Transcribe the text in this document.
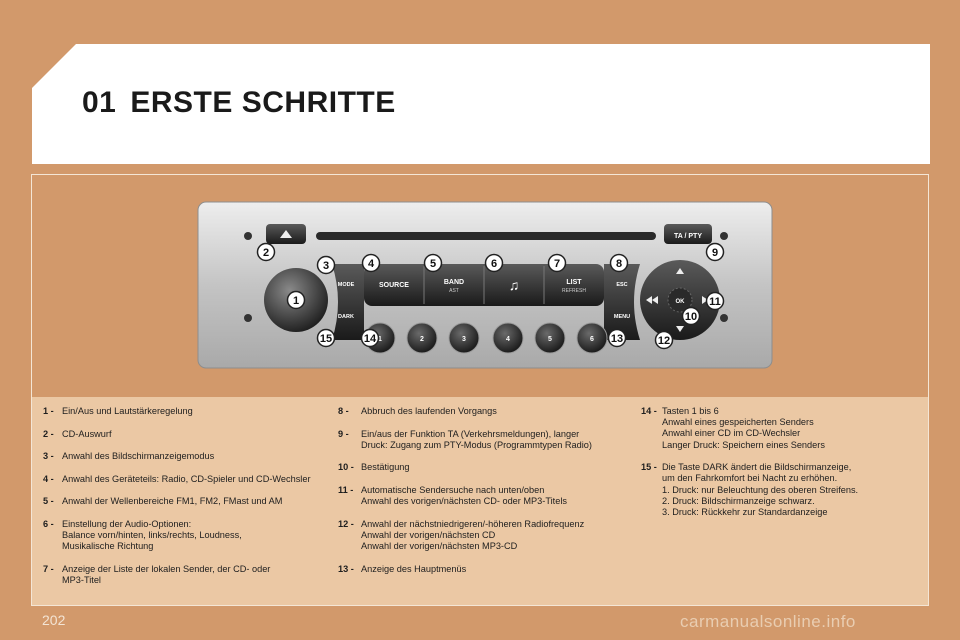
01 ERSTE SCHRITTE
TA / PTY
MODE
DARK
SOURCE	BAND
AST	♫	LIST
REFRESH
ESC
MENU
OK
1	2	3	4	5	6
1
2
3	4	5	6	7	8
9
10
11
12
13
14
15
1 - Ein/Aus und Lautstärkeregelung
2 - CD-Auswurf
3 - Anwahl des Bildschirmanzeigemodus
4 - Anwahl des Geräteteils: Radio, CD-Spieler und CD-Wechsler
5 - Anwahl der Wellenbereiche FM1, FM2, FMast und AM
6 - Einstellung der Audio-Optionen:
Balance vorn/hinten, links/rechts, Loudness,
Musikalische Richtung
7 - Anzeige der Liste der lokalen Sender, der CD- oder
MP3-Titel
8 -	Abbruch des laufenden Vorgangs
9 -	Ein/aus der Funktion TA (Verkehrsmeldungen), langer
Druck: Zugang zum PTY-Modus (Programmtypen Radio)
10 - Bestätigung
11 - Automatische Sendersuche nach unten/oben
Anwahl des vorigen/nächsten CD- oder MP3-Titels
12 - Anwahl der nächstniedrigeren/-höheren Radiofrequenz
Anwahl der vorigen/nächsten CD
Anwahl der vorigen/nächsten MP3-CD
13 - Anzeige des Hauptmenüs
14 - Tasten 1 bis 6
Anwahl eines gespeicherten Senders
Anwahl einer CD im CD-Wechsler
Langer Druck: Speichern eines Senders
15 - Die Taste DARK ändert die Bildschirmanzeige,
um den Fahrkomfort bei Nacht zu erhöhen.
1. Druck: nur Beleuchtung des oberen Streifens.
2. Druck: Bildschirmanzeige schwarz.
3. Druck: Rückkehr zur Standardanzeige
202	carmanualsonline.info
